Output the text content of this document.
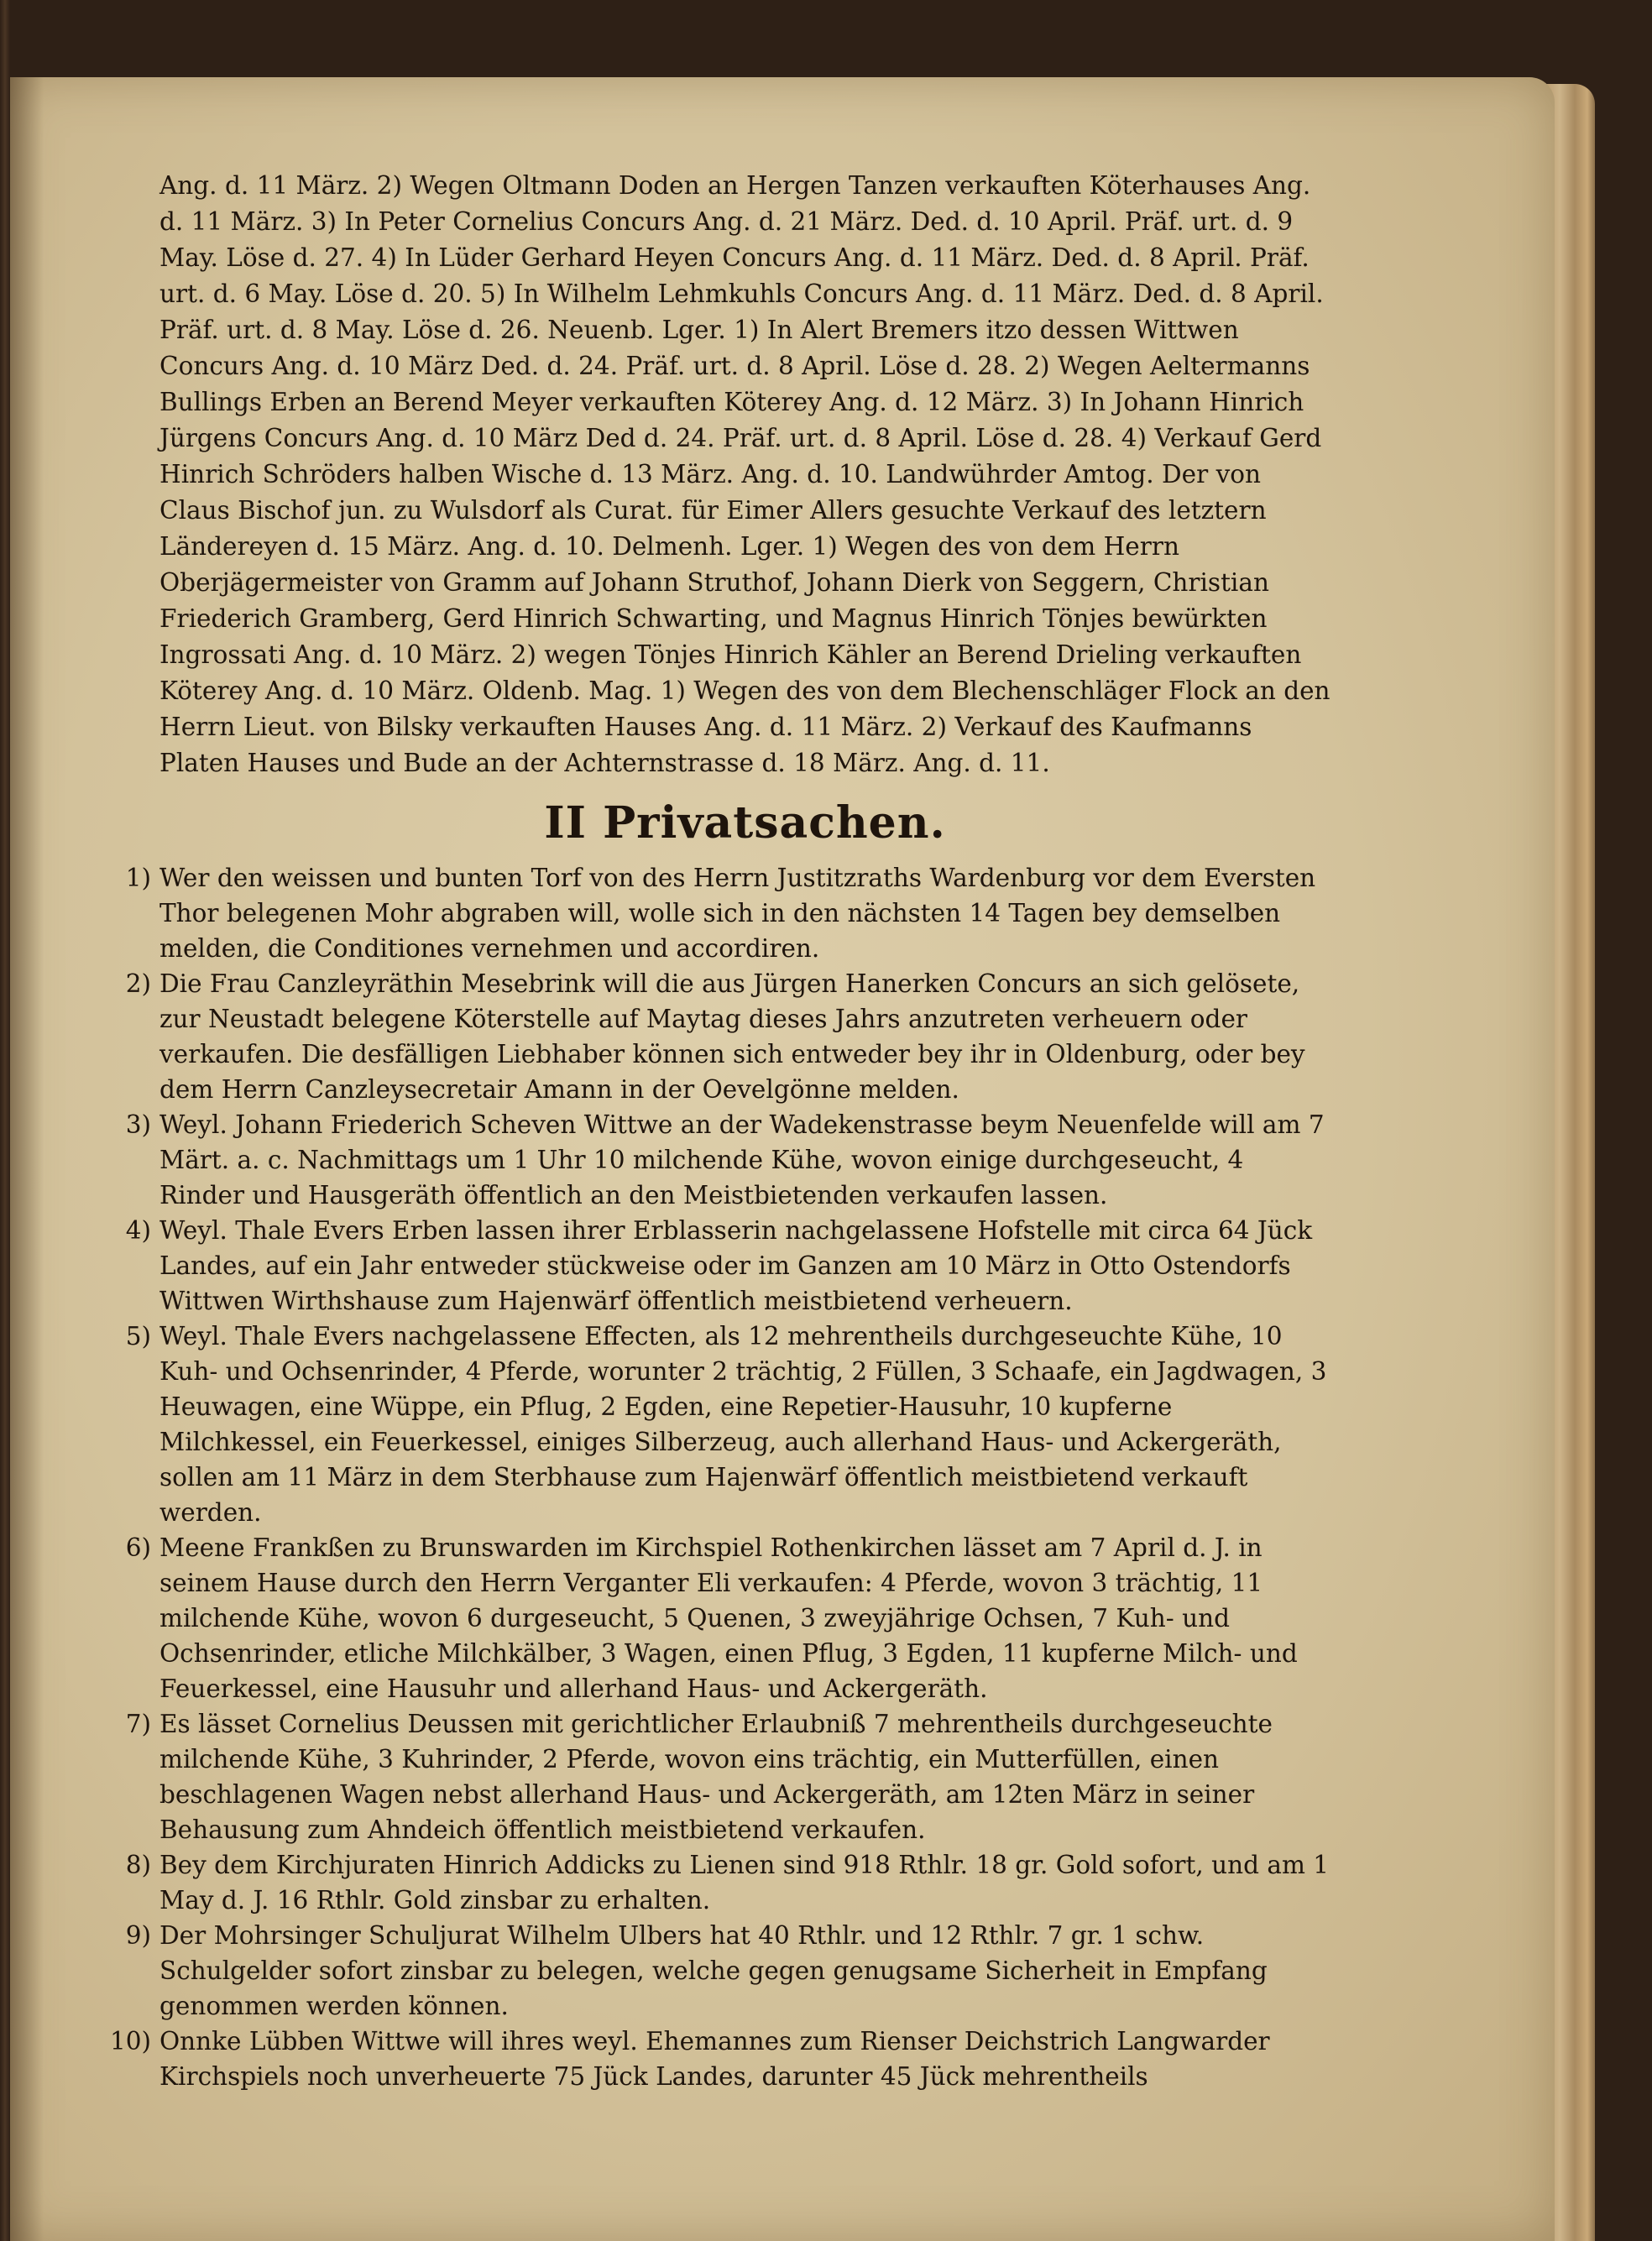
Ang. d. 11 März. 2) Wegen Oltmann Doden an Hergen Tanzen verkauften Köterhauses Ang. d. 11 März. 3) In Peter Cornelius Concurs Ang. d. 21 März. Ded. d. 10 April. Präf. urt. d. 9 May. Löse d. 27. 4) In Lüder Gerhard Heyen Concurs Ang. d. 11 März. Ded. d. 8 April. Präf. urt. d. 6 May. Löse d. 20. 5) In Wilhelm Lehmkuhls Concurs Ang. d. 11 März. Ded. d. 8 April. Präf. urt. d. 8 May. Löse d. 26. Neuenb. Lger. 1) In Alert Bremers itzo dessen Wittwen Concurs Ang. d. 10 März Ded. d. 24. Präf. urt. d. 8 April. Löse d. 28. 2) Wegen Aeltermanns Bullings Erben an Berend Meyer verkauften Köterey Ang. d. 12 März. 3) In Johann Hinrich Jürgens Concurs Ang. d. 10 März Ded d. 24. Präf. urt. d. 8 April. Löse d. 28. 4) Verkauf Gerd Hinrich Schröders halben Wische d. 13 März. Ang. d. 10. Landwührder Amtog. Der von Claus Bischof jun. zu Wulsdorf als Curat. für Eimer Allers gesuchte Verkauf des letztern Ländereyen d. 15 März. Ang. d. 10. Delmenh. Lger. 1) Wegen des von dem Herrn Oberjägermeister von Gramm auf Johann Struthof, Johann Dierk von Seggern, Christian Friederich Gramberg, Gerd Hinrich Schwarting, und Magnus Hinrich Tönjes bewürkten Ingrossati Ang. d. 10 März. 2) wegen Tönjes Hinrich Kähler an Berend Drieling verkauften Köterey Ang. d. 10 März. Oldenb. Mag. 1) Wegen des von dem Blechenschläger Flock an den Herrn Lieut. von Bilsky verkauften Hauses Ang. d. 11 März. 2) Verkauf des Kaufmanns Platen Hauses und Bude an der Achternstrasse d. 18 März. Ang. d. 11.

II Privatsachen.

1) Wer den weissen und bunten Torf von des Herrn Justitzraths Wardenburg vor dem Eversten Thor belegenen Mohr abgraben will, wolle sich in den nächsten 14 Tagen bey demselben melden, die Conditiones vernehmen und accordiren.

2) Die Frau Canzleyräthin Mesebrink will die aus Jürgen Hanerken Concurs an sich gelösete, zur Neustadt belegene Köterstelle auf Maytag dieses Jahrs anzutreten verheuern oder verkaufen. Die desfälligen Liebhaber können sich entweder bey ihr in Oldenburg, oder bey dem Herrn Canzleysecretair Amann in der Oevelgönne melden.

3) Weyl. Johann Friederich Scheven Wittwe an der Wadekenstrasse beym Neuenfelde will am 7 Märt. a. c. Nachmittags um 1 Uhr 10 milchende Kühe, wovon einige durchgeseucht, 4 Rinder und Hausgeräth öffentlich an den Meistbietenden verkaufen lassen.

4) Weyl. Thale Evers Erben lassen ihrer Erblasserin nachgelassene Hofstelle mit circa 64 Jück Landes, auf ein Jahr entweder stückweise oder im Ganzen am 10 März in Otto Ostendorfs Wittwen Wirthshause zum Hajenwärf öffentlich meistbietend verheuern.

5) Weyl. Thale Evers nachgelassene Effecten, als 12 mehrentheils durchgeseuchte Kühe, 10 Kuh- und Ochsenrinder, 4 Pferde, worunter 2 trächtig, 2 Füllen, 3 Schaafe, ein Jagdwagen, 3 Heuwagen, eine Wüppe, ein Pflug, 2 Egden, eine Repetier-Hausuhr, 10 kupferne Milchkessel, ein Feuerkessel, einiges Silberzeug, auch allerhand Haus- und Ackergeräth, sollen am 11 März in dem Sterbhause zum Hajenwärf öffentlich meistbietend verkauft werden.

6) Meene Frankßen zu Brunswarden im Kirchspiel Rothenkirchen lässet am 7 April d. J. in seinem Hause durch den Herrn Verganter Eli verkaufen: 4 Pferde, wovon 3 trächtig, 11 milchende Kühe, wovon 6 durgeseucht, 5 Quenen, 3 zweyjährige Ochsen, 7 Kuh- und Ochsenrinder, etliche Milchkälber, 3 Wagen, einen Pflug, 3 Egden, 11 kupferne Milch- und Feuerkessel, eine Hausuhr und allerhand Haus- und Ackergeräth.

7) Es lässet Cornelius Deussen mit gerichtlicher Erlaubniß 7 mehrentheils durchgeseuchte milchende Kühe, 3 Kuhrinder, 2 Pferde, wovon eins trächtig, ein Mutterfüllen, einen beschlagenen Wagen nebst allerhand Haus- und Ackergeräth, am 12ten März in seiner Behausung zum Ahndeich öffentlich meistbietend verkaufen.

8) Bey dem Kirchjuraten Hinrich Addicks zu Lienen sind 918 Rthlr. 18 gr. Gold sofort, und am 1 May d. J. 16 Rthlr. Gold zinsbar zu erhalten.

9) Der Mohrsinger Schuljurat Wilhelm Ulbers hat 40 Rthlr. und 12 Rthlr. 7 gr. 1 schw. Schulgelder sofort zinsbar zu belegen, welche gegen genugsame Sicherheit in Empfang genommen werden können.

10) Onnke Lübben Wittwe will ihres weyl. Ehemannes zum Rienser Deichstrich Langwarder Kirchspiels noch unverheuerte 75 Jück Landes, darunter 45 Jück mehrentheils
